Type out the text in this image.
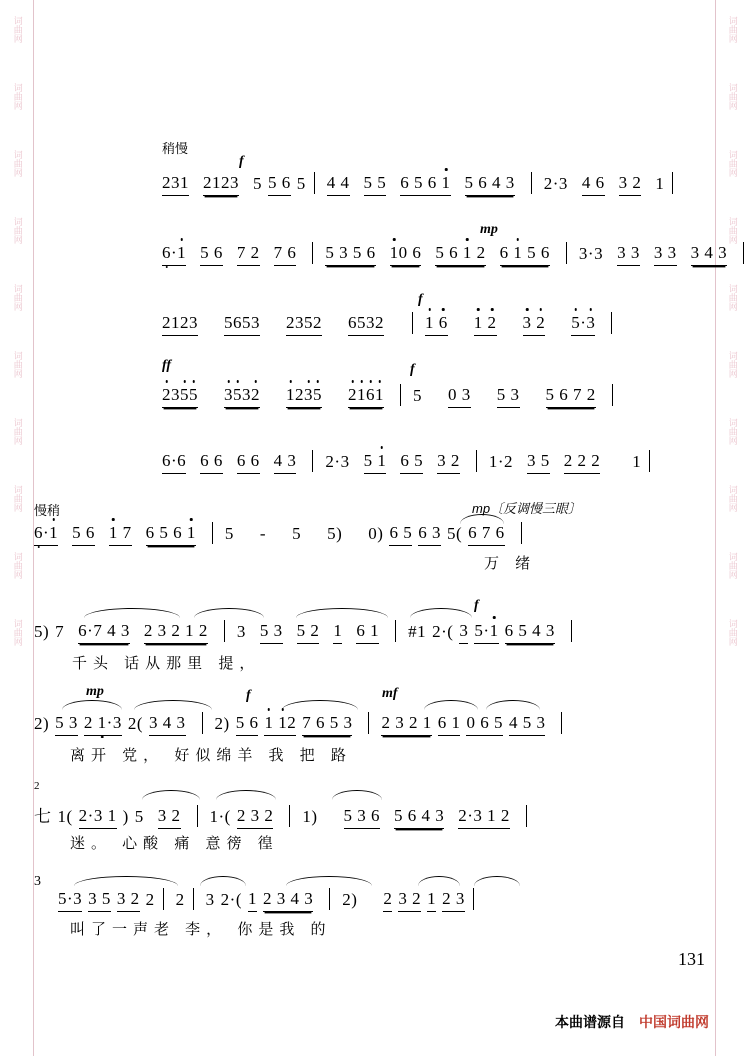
词曲网
词曲网
词曲网
词曲网
词曲网
词曲网
词曲网
词曲网
词曲网
词曲网
词曲网
词曲网
词曲网
词曲网
词曲网
词曲网
词曲网
词曲网
词曲网
词曲网
稍慢
f
231 2123 5 5 6 5 4 4 5 5 6 5 6 1 5 6 4 3 2·3 4 6 3 2 1
mp
6·1 5 6 7 2 7 6 5 3 5 6 10 6 5 6 1 2 6 1 5 6 3·3 3 3 3 3 3 4 3
f
2123 5653 2352 6532 1 6 1 2 3 2 5·3
ff	f
2355 3532 1235 2161 5 0 3 5 3 5 6 7 2
6·6 6 6 6 6 4 3 2·3 5 1 6 5 3 2 1·2 3 5 2 2 2 1
慢稍	mp〔反调慢三眼〕
6·1 5 6 1 7 6 5 6 1 5 - 5 5) 0) 6 5 6 3 5( 6 7 6
万 绪
f
5) 7 6·7 4 3 2 3 2 1 2 3 5 3 5 2 1 6 1 #1 2·( 3 5·1 6 5 4 3
千头 话从那里 提，
mp	f	mf
2) 5 3 2 1·3 2( 3 4 3 2) 5 6 1 12 7 6 5 3 2 3 2 1 6 1 0 6 5 4 5 3
离开 党， 好似绵羊 我 把 路
2
七 1( 2·3 1 ) 5 3 2 1·( 2 3 2 1) 5 3 6 5 6 4 3 2·3 1 2
迷。 心酸 痛 意徬 徨
3
5·3 3 5 3 2 2 2 3 2·( 1 2 3 4 3 2) 2 3 2 1 2 3
叫了一声老 李， 你是我 的
131
本曲谱源自 中国词曲网
